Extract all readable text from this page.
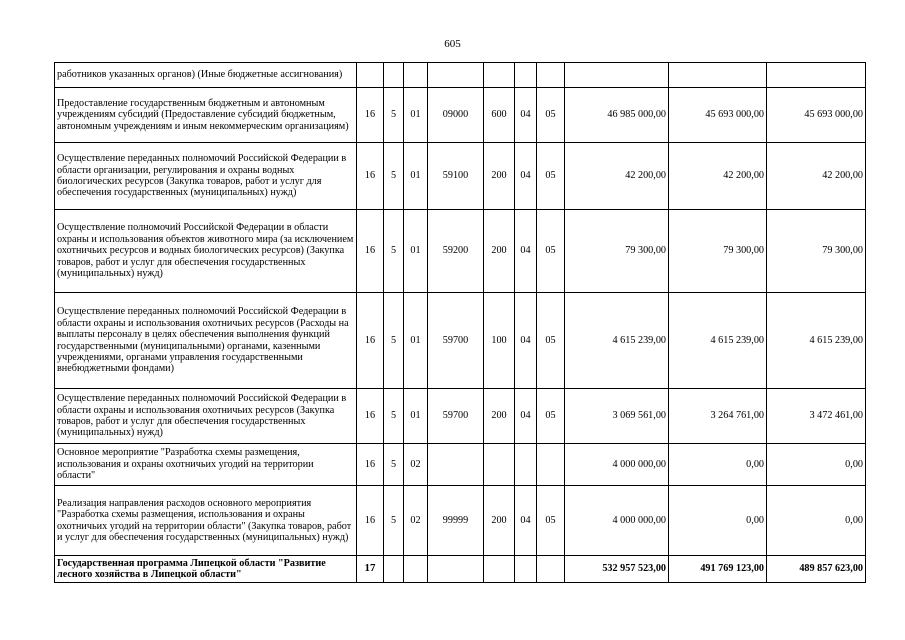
605
работников указанных органов) (Иные бюджетные ассигнования)										
Предоставление государственным бюджетным и автономным учреждениям субсидий (Предоставление субсидий бюджетным, автономным учреждениям и иным некоммерческим организациям)	16	5	01	09000	600	04	05	46 985 000,00	45 693 000,00	45 693 000,00
Осуществление переданных полномочий Российской Федерации в области организации, регулирования и охраны водных биологических ресурсов (Закупка товаров, работ и услуг для обеспечения государственных (муниципальных) нужд)	16	5	01	59100	200	04	05	42 200,00	42 200,00	42 200,00
Осуществление полномочий Российской Федерации в области охраны и использования объектов животного мира (за исключением охотничьих ресурсов и водных биологических ресурсов) (Закупка товаров, работ и услуг для обеспечения государственных (муниципальных) нужд)	16	5	01	59200	200	04	05	79 300,00	79 300,00	79 300,00
Осуществление переданных полномочий Российской Федерации в области охраны и использования охотничьих ресурсов (Расходы на выплаты персоналу в целях обеспечения выполнения функций государственными (муниципальными) органами, казенными учреждениями, органами управления государственными внебюджетными фондами)	16	5	01	59700	100	04	05	4 615 239,00	4 615 239,00	4 615 239,00
Осуществление переданных полномочий Российской Федерации в области охраны и использования охотничьих ресурсов (Закупка товаров, работ и услуг для обеспечения государственных (муниципальных) нужд)	16	5	01	59700	200	04	05	3 069 561,00	3 264 761,00	3 472 461,00
Основное мероприятие "Разработка схемы размещения, использования и охраны охотничьих угодий на территории области"	16	5	02					4 000 000,00	0,00	0,00
Реализация направления расходов основного мероприятия "Разработка схемы размещения, использования и охраны охотничьих угодий на территории области" (Закупка товаров, работ и услуг для обеспечения государственных (муниципальных) нужд)	16	5	02	99999	200	04	05	4 000 000,00	0,00	0,00
Государственная программа Липецкой области "Развитие лесного хозяйства в Липецкой области"	17							532 957 523,00	491 769 123,00	489 857 623,00
